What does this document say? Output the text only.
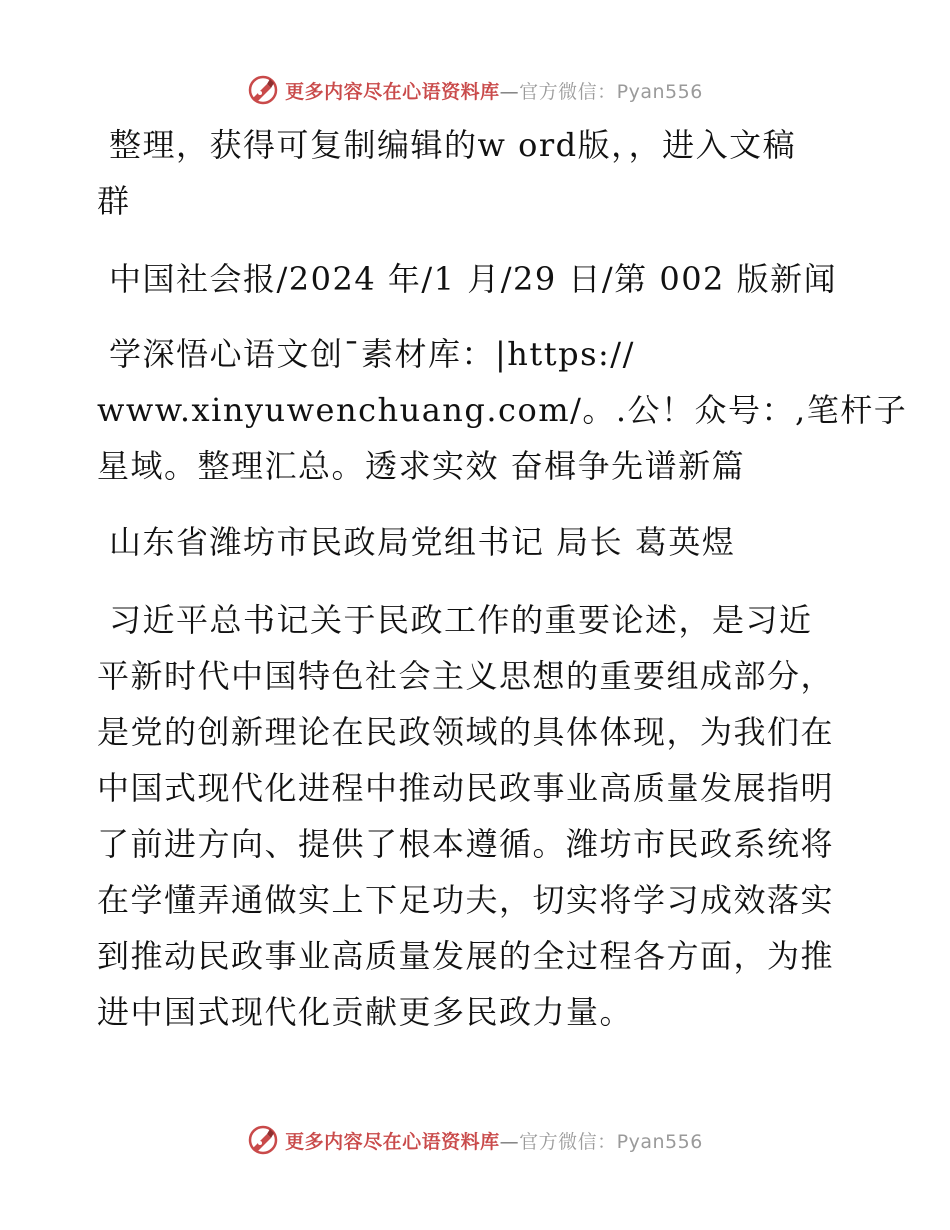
更多内容尽在心语资料库—官方微信：Pyan556
整理，获得可复制编辑的w ord版，，进入文稿
群
中国社会报/2024 年/1 月/29 日/第 002 版新闻
学深悟心语文创¯素材库：|https://
www.xinyuwenchuang.com/。.公！众号：,笔杆子
星域。整理汇总。透求实效 奋楫争先谱新篇
山东省潍坊市民政局党组书记 局长 葛英煜
习近平总书记关于民政工作的重要论述，是习近
平新时代中国特色社会主义思想的重要组成部分，
是党的创新理论在民政领域的具体体现，为我们在
中国式现代化进程中推动民政事业高质量发展指明
了前进方向、提供了根本遵循。潍坊市民政系统将
在学懂弄通做实上下足功夫，切实将学习成效落实
到推动民政事业高质量发展的全过程各方面，为推
进中国式现代化贡献更多民政力量。
更多内容尽在心语资料库—官方微信：Pyan556
